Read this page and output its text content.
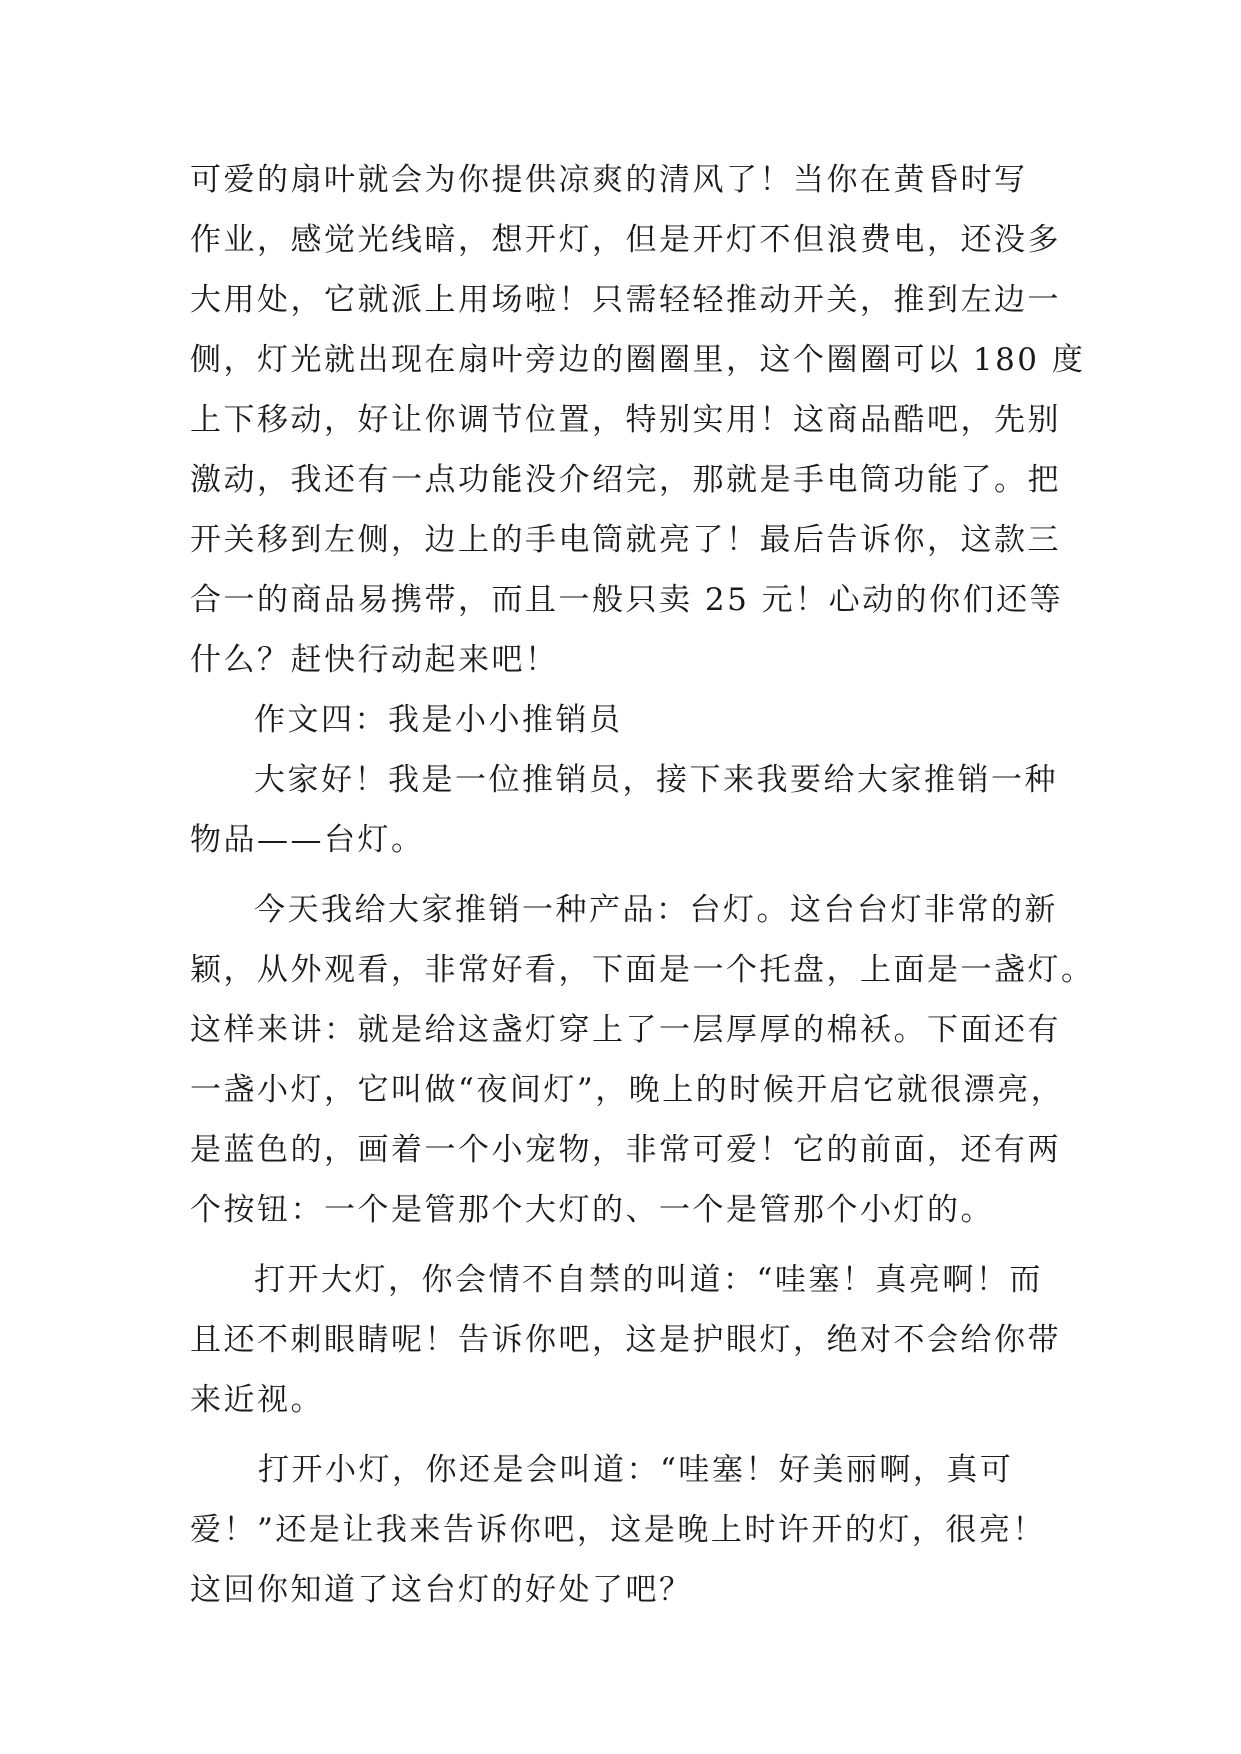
可爱的扇叶就会为你提供凉爽的清风了！当你在黄昏时写
作业，感觉光线暗，想开灯，但是开灯不但浪费电，还没多
大用处，它就派上用场啦！只需轻轻推动开关，推到左边一
侧，灯光就出现在扇叶旁边的圈圈里，这个圈圈可以 180 度
上下移动，好让你调节位置，特别实用！这商品酷吧，先别
激动，我还有一点功能没介绍完，那就是手电筒功能了。把
开关移到左侧，边上的手电筒就亮了！最后告诉你，这款三
合一的商品易携带，而且一般只卖 25 元！心动的你们还等
什么？赶快行动起来吧！
作文四：我是小小推销员
大家好！我是一位推销员，接下来我要给大家推销一种
物品——台灯。
今天我给大家推销一种产品：台灯。这台台灯非常的新
颖，从外观看，非常好看，下面是一个托盘，上面是一盏灯。
这样来讲：就是给这盏灯穿上了一层厚厚的棉袄。下面还有
一盏小灯，它叫做“夜间灯”，晚上的时候开启它就很漂亮，
是蓝色的，画着一个小宠物，非常可爱！它的前面，还有两
个按钮：一个是管那个大灯的、一个是管那个小灯的。
打开大灯，你会情不自禁的叫道：“哇塞！真亮啊！而
且还不刺眼睛呢！告诉你吧，这是护眼灯，绝对不会给你带
来近视。
打开小灯，你还是会叫道：“哇塞！好美丽啊，真可
爱！”还是让我来告诉你吧，这是晚上时许开的灯，很亮！
这回你知道了这台灯的好处了吧？
